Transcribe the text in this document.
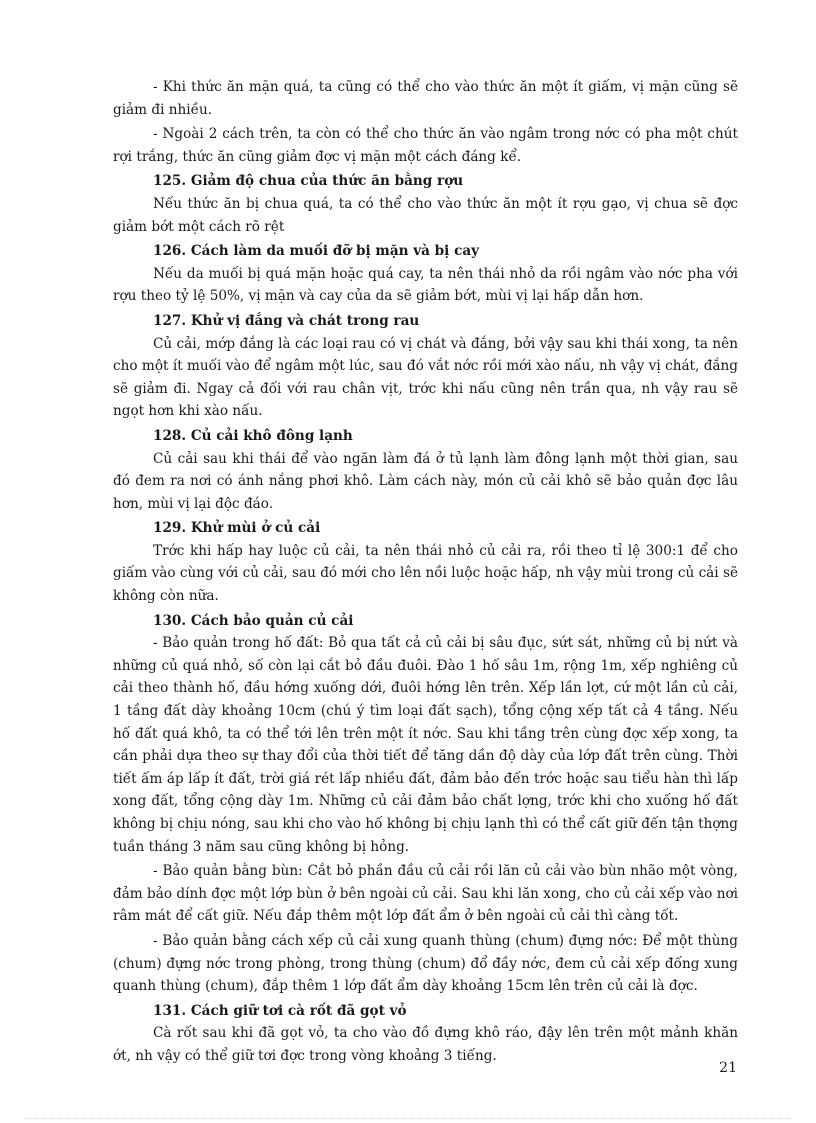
- Khi thức ăn mặn quá, ta cũng có thể cho vào thức ăn một ít giấm, vị mặn cũng sẽ giảm đi nhiều.

- Ngoài 2 cách trên, ta còn có thể cho thức ăn vào ngâm trong nớc có pha một chút rợi trắng, thức ăn cũng giảm đợc vị mặn một cách đáng kể.

125. Giảm độ chua của thức ăn bằng rợu

Nếu thức ăn bị chua quá, ta có thể cho vào thức ăn một ít rợu gạo, vị chua sẽ đợc giảm bớt một cách rõ rệt

126. Cách làm da muối đỡ bị mặn và bị cay

Nếu da muối bị quá mặn hoặc quá cay, ta nên thái nhỏ da rồi ngâm vào nớc pha với rợu theo tỷ lệ 50%, vị mặn và cay của da sẽ giảm bớt, mùi vị lại hấp dẫn hơn.

127. Khử vị đắng và chát trong rau

Củ cải, mớp đắng là các loại rau có vị chát và đắng, bởi vậy sau khi thái xong, ta nên cho một ít muối vào để ngâm một lúc, sau đó vắt nớc rồi mới xào nấu, nh vậy vị chát, đắng sẽ giảm đi. Ngay cả đối với rau chân vịt, trớc khi nấu cũng nên trần qua, nh vậy rau sẽ ngọt hơn khi xào nấu.

128. Củ cải khô đông lạnh

Củ cải sau khi thái để vào ngăn làm đá ở tủ lạnh làm đông lạnh một thời gian, sau đó đem ra nơi có ánh nắng phơi khô. Làm cách này, món củ cải khô sẽ bảo quản đợc lâu hơn, mùi vị lại độc đáo.

129. Khử mùi ở củ cải

Trớc khi hấp hay luộc củ cải, ta nên thái nhỏ củ cải ra, rồi theo tỉ lệ 300:1 để cho giấm vào cùng với củ cải, sau đó mới cho lên nồi luộc hoặc hấp, nh vậy mùi trong củ cải sẽ không còn nữa.

130. Cách bảo quản củ cải

- Bảo quản trong hố đất: Bỏ qua tất cả củ cải bị sâu đục, sứt sát, những củ bị nứt và những củ quá nhỏ, số còn lại cắt bỏ đầu đuôi. Đào 1 hố sâu 1m, rộng 1m, xếp nghiêng củ cải theo thành hố, đầu hớng xuống dới, đuôi hớng lên trên. Xếp lần lợt, cứ một lần củ cải, 1 tầng đất dày khoảng 10cm (chú ý tìm loại đất sạch), tổng cộng xếp tất cả 4 tầng. Nếu hố đất quá khô, ta có thể tới lên trên một ít nớc. Sau khi tầng trên cùng đợc xếp xong, ta cần phải dựa theo sự thay đổi của thời tiết để tăng dần độ dày của lớp đất trên cùng. Thời tiết ấm áp lấp ít đất, trời giá rét lấp nhiều đất, đảm bảo đến trớc hoặc sau tiểu hàn thì lấp xong đất, tổng cộng dày 1m. Những củ cải đảm bảo chất lợng, trớc khi cho xuống hố đất không bị chịu nóng, sau khi cho vào hố không bị chịu lạnh thì có thể cất giữ đến tận thợng tuần tháng 3 năm sau cũng không bị hỏng.

- Bảo quản bằng bùn: Cắt bỏ phần đầu củ cải rồi lăn củ cải vào bùn nhão một vòng, đảm bảo dính đợc một lớp bùn ở bên ngoài củ cải. Sau khi lăn xong, cho củ cải xếp vào nơi râm mát để cất giữ. Nếu đắp thêm một lớp đất ẩm ở bên ngoài củ cải thì càng tốt.

- Bảo quản bằng cách xếp củ cải xung quanh thùng (chum) đựng nớc: Để một thùng (chum) đựng nớc trong phòng, trong thùng (chum) đổ đầy nớc, đem củ cải xếp đống xung quanh thùng (chum), đắp thêm 1 lớp đất ẩm dày khoảng 15cm lên trên củ cải là đợc.

131. Cách giữ tơi cà rốt đã gọt vỏ

Cà rốt sau khi đã gọt vỏ, ta cho vào đồ đựng khô ráo, đậy lên trên một mảnh khăn ớt, nh vậy có thể giữ tơi đợc trong vòng khoảng 3 tiếng.

21
